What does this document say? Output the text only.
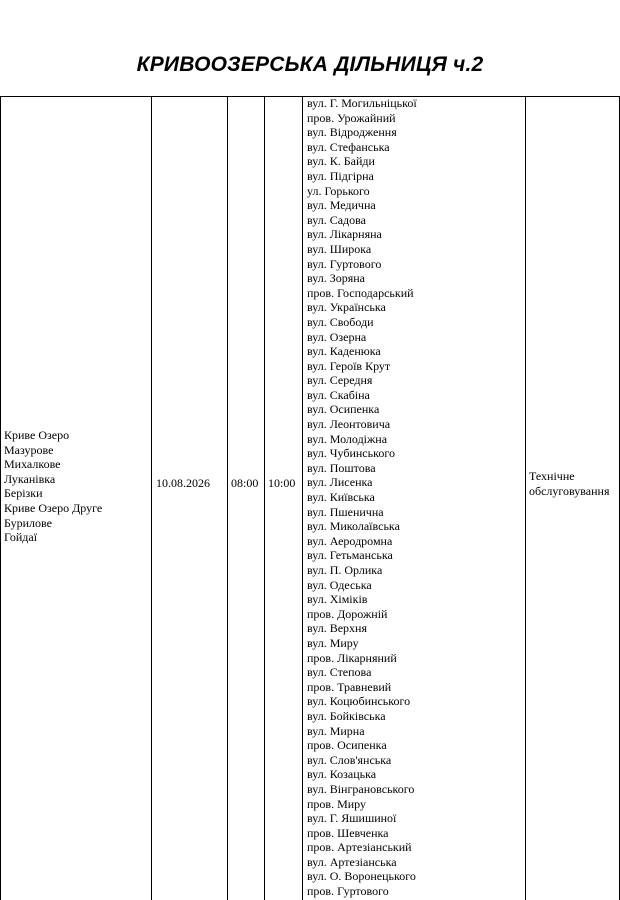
КРИВООЗЕРСЬКА ДІЛЬНИЦЯ ч.2
Криве Озеро
Мазурове
Михалкове
Луканівка
Берізки
Криве Озеро Друге
Бурилове
Гойдаї
10.08.2026 08:00 10:00
вул. Г. Могильніцької
пров. Урожайний
вул. Відродження
вул. Стефанська
вул. К. Байди
вул. Підгірна
ул. Горького
вул. Медична
вул. Садова
вул. Лікарняна
вул. Широка
вул. Гуртового
вул. Зоряна
пров. Господарський
вул. Українська
вул. Свободи
вул. Озерна
вул. Каденюка
вул. Героїв Крут
вул. Середня
вул. Скабіна
вул. Осипенка
вул. Леонтовича
вул. Молодіжна
вул. Чубинського
вул. Поштова
вул. Лисенка
вул. Київська
вул. Пшенична
вул. Миколаївська
вул. Аеродромна
вул. Гетьманська
вул. П. Орлика
вул. Одеська
вул. Хіміків
пров. Дорожній
вул. Верхня
вул. Миру
пров. Лікарняний
вул. Степова
пров. Травневий
вул. Коцюбинського
вул. Бойківська
вул. Мирна
пров. Осипенка
вул. Слов'янська
вул. Козацька
вул. Вінграновського
пров. Миру
вул. Г. Яшишиної
пров. Шевченка
пров. Артезіанський
вул. Артезіанська
вул. О. Воронецького
пров. Гуртового
Технічне
обслуговування
